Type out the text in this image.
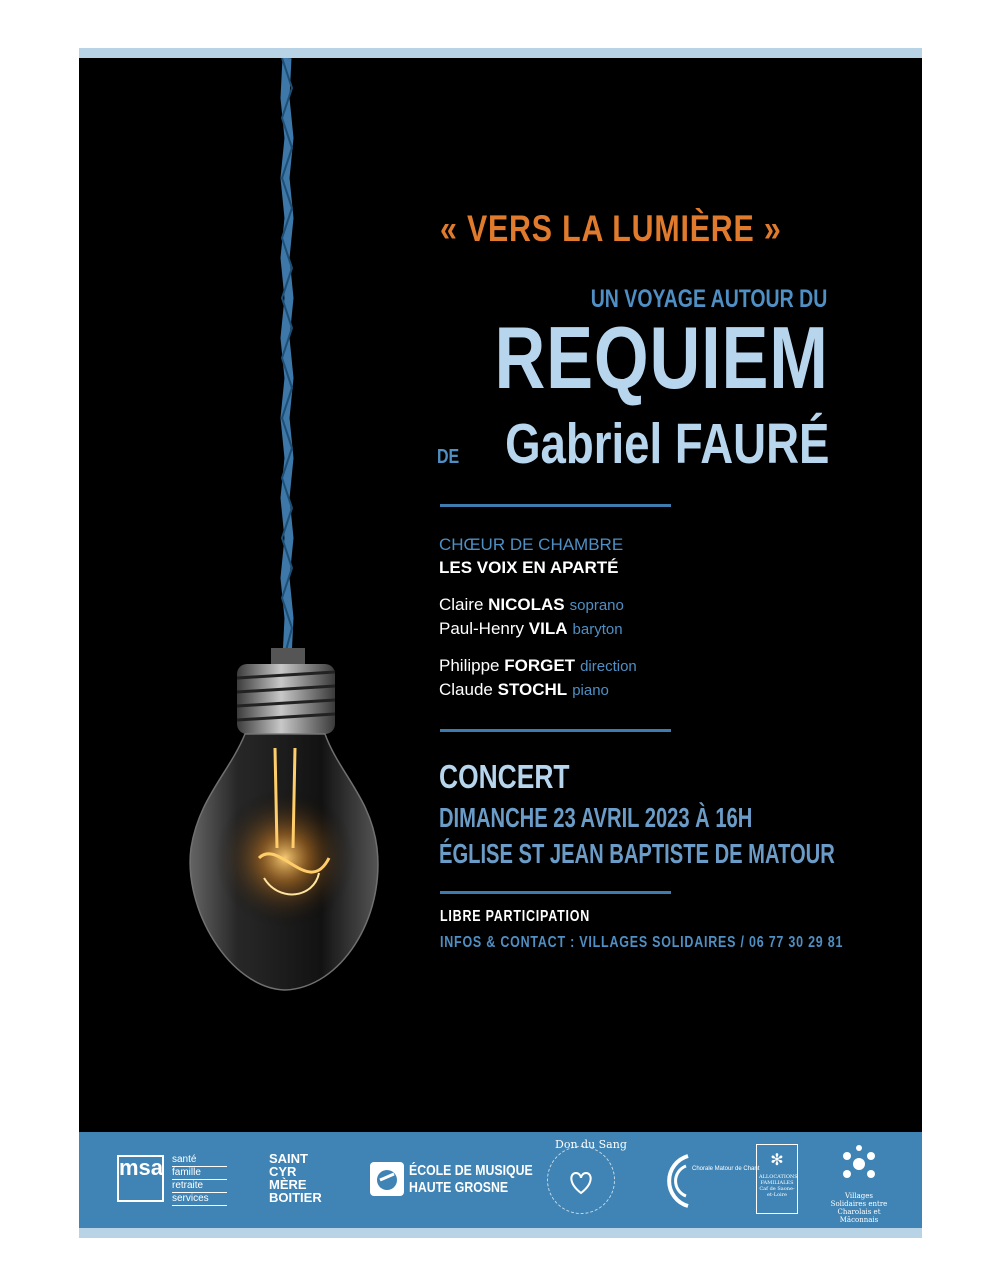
« VERS LA LUMIÈRE »
UN VOYAGE AUTOUR DU
REQUIEM
DE Gabriel FAURÉ
CHŒUR DE CHAMBRE
LES VOIX EN APARTÉ
Claire NICOLAS soprano
Paul-Henry VILA baryton
Philippe FORGET direction
Claude STOCHL piano
CONCERT
DIMANCHE 23 AVRIL 2023 À 16H
ÉGLISE ST JEAN BAPTISTE DE MATOUR
LIBRE PARTICIPATION
INFOS & CONTACT : VILLAGES SOLIDAIRES / 06 77 30 29 81
msa santé
famille
retraite
services
SAINT
CYR
MÈRE
BOITIER
ÉCOLE DE MUSIQUE
HAUTE GROSNE
Don du Sang
Chorale Matour de Chant ✻
ALLOCATIONS FAMILIALES Caf de Saone-et-Loire	Villages Solidaires entre Charolais et Mâconnais
